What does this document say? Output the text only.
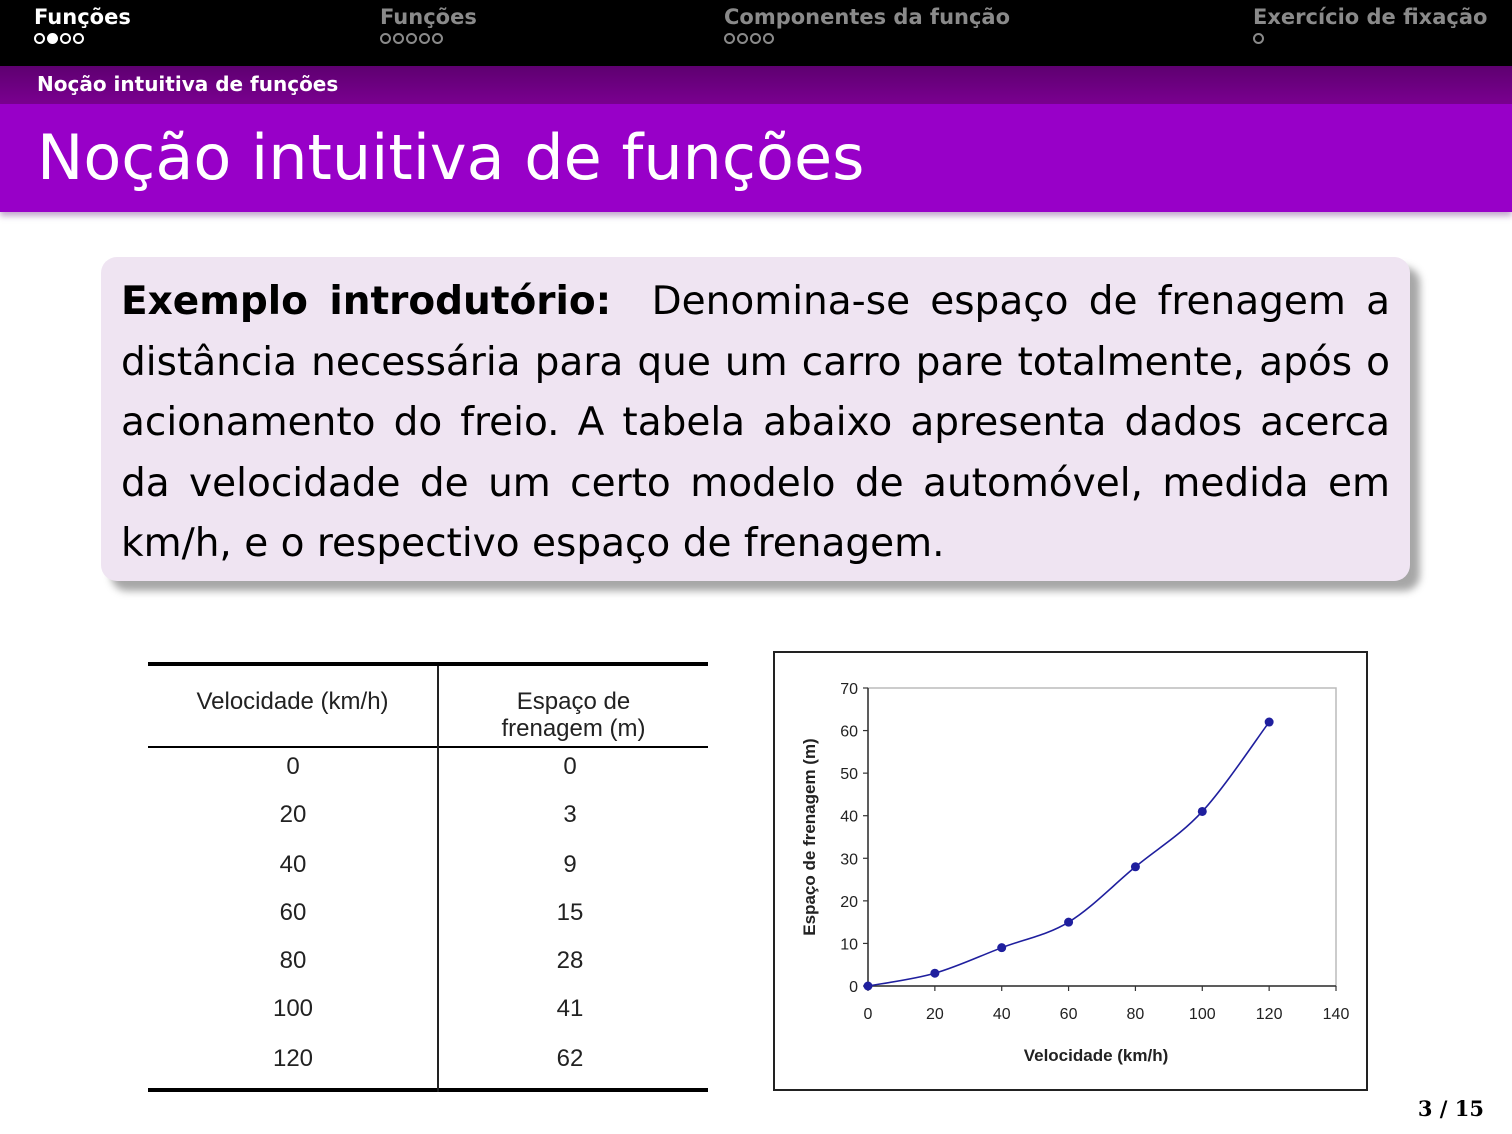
Funções	Funções	Componentes da função	Exercício de fixação
Noção intuitiva de funções
Noção intuitiva de funções

Exemplo introdutório: Denomina-se espaço de frenagem a distância necessária para que um carro pare totalmente, após o acionamento do freio. A tabela abaixo apresenta dados acerca da velocidade de um certo modelo de automóvel, medida em km/h, e o respectivo espaço de frenagem.

Velocidade (km/h)	Espaço de
frenagem (m)
0	0
20	3
40	9
60	15
80	28
100	41
120	62
0
10
20
30
40
50
60
70
0	20	40	60	80	100	120	140
Velocidade (km/h)
Espaço de frenagem (m)
3 / 15
